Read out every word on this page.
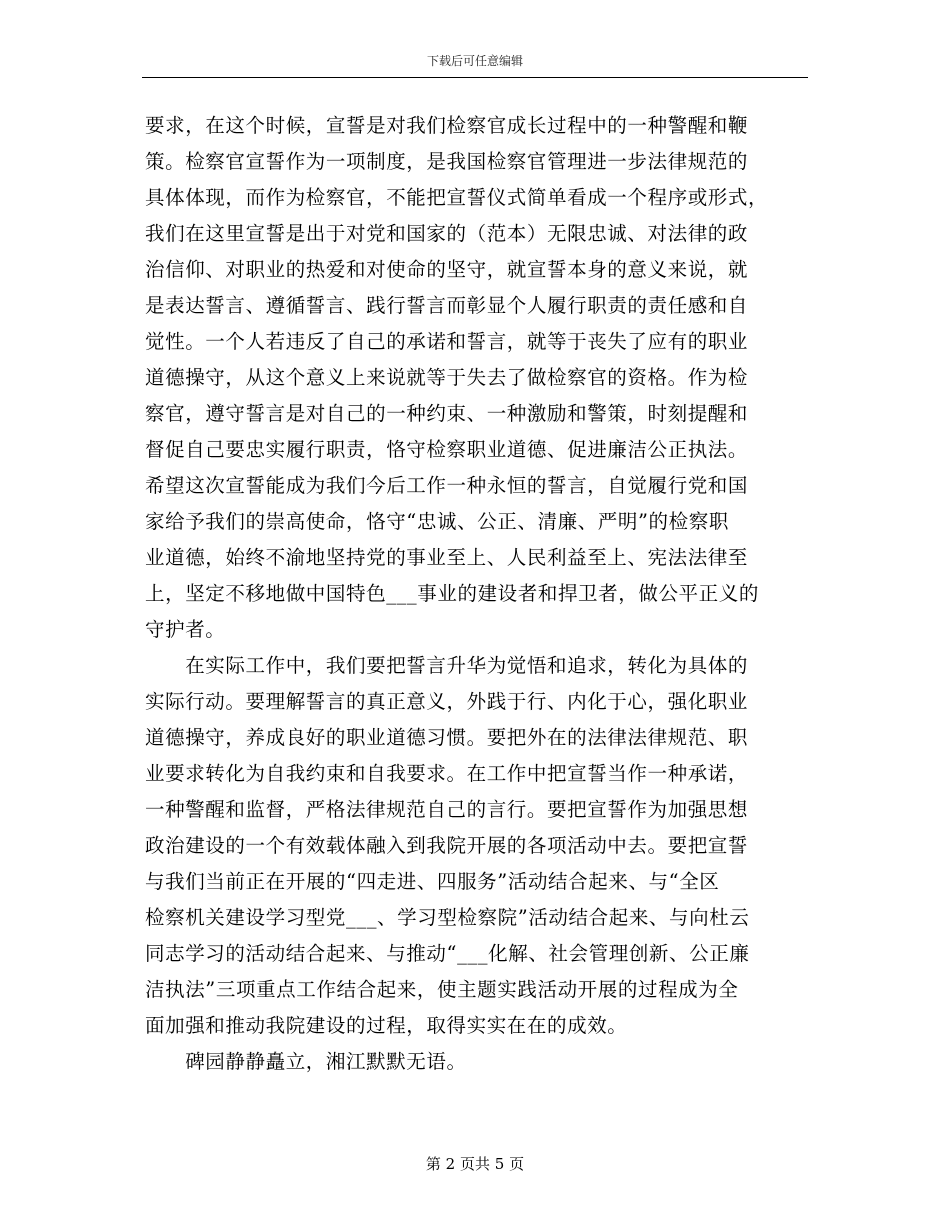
下载后可任意编辑
要求，在这个时候，宣誓是对我们检察官成长过程中的一种警醒和鞭
策。检察官宣誓作为一项制度，是我国检察官管理进一步法律规范的
具体体现，而作为检察官，不能把宣誓仪式简单看成一个程序或形式，
我们在这里宣誓是出于对党和国家的（范本）无限忠诚、对法律的政
治信仰、对职业的热爱和对使命的坚守，就宣誓本身的意义来说，就
是表达誓言、遵循誓言、践行誓言而彰显个人履行职责的责任感和自
觉性。一个人若违反了自己的承诺和誓言，就等于丧失了应有的职业
道德操守，从这个意义上来说就等于失去了做检察官的资格。作为检
察官，遵守誓言是对自己的一种约束、一种激励和警策，时刻提醒和
督促自己要忠实履行职责，恪守检察职业道德、促进廉洁公正执法。
希望这次宣誓能成为我们今后工作一种永恒的誓言，自觉履行党和国
家给予我们的崇高使命，恪守“忠诚、公正、清廉、严明”的检察职
业道德，始终不渝地坚持党的事业至上、人民利益至上、宪法法律至
上，坚定不移地做中国特色___事业的建设者和捍卫者，做公平正义的
守护者。
　　在实际工作中，我们要把誓言升华为觉悟和追求，转化为具体的
实际行动。要理解誓言的真正意义，外践于行、内化于心，强化职业
道德操守，养成良好的职业道德习惯。要把外在的法律法律规范、职
业要求转化为自我约束和自我要求。在工作中把宣誓当作一种承诺，
一种警醒和监督，严格法律规范自己的言行。要把宣誓作为加强思想
政治建设的一个有效载体融入到我院开展的各项活动中去。要把宣誓
与我们当前正在开展的“四走进、四服务”活动结合起来、与“全区
检察机关建设学习型党___、学习型检察院”活动结合起来、与向杜云
同志学习的活动结合起来、与推动“___化解、社会管理创新、公正廉
洁执法”三项重点工作结合起来，使主题实践活动开展的过程成为全
面加强和推动我院建设的过程，取得实实在在的成效。
　　碑园静静矗立，湘江默默无语。
第 2 页共 5 页
